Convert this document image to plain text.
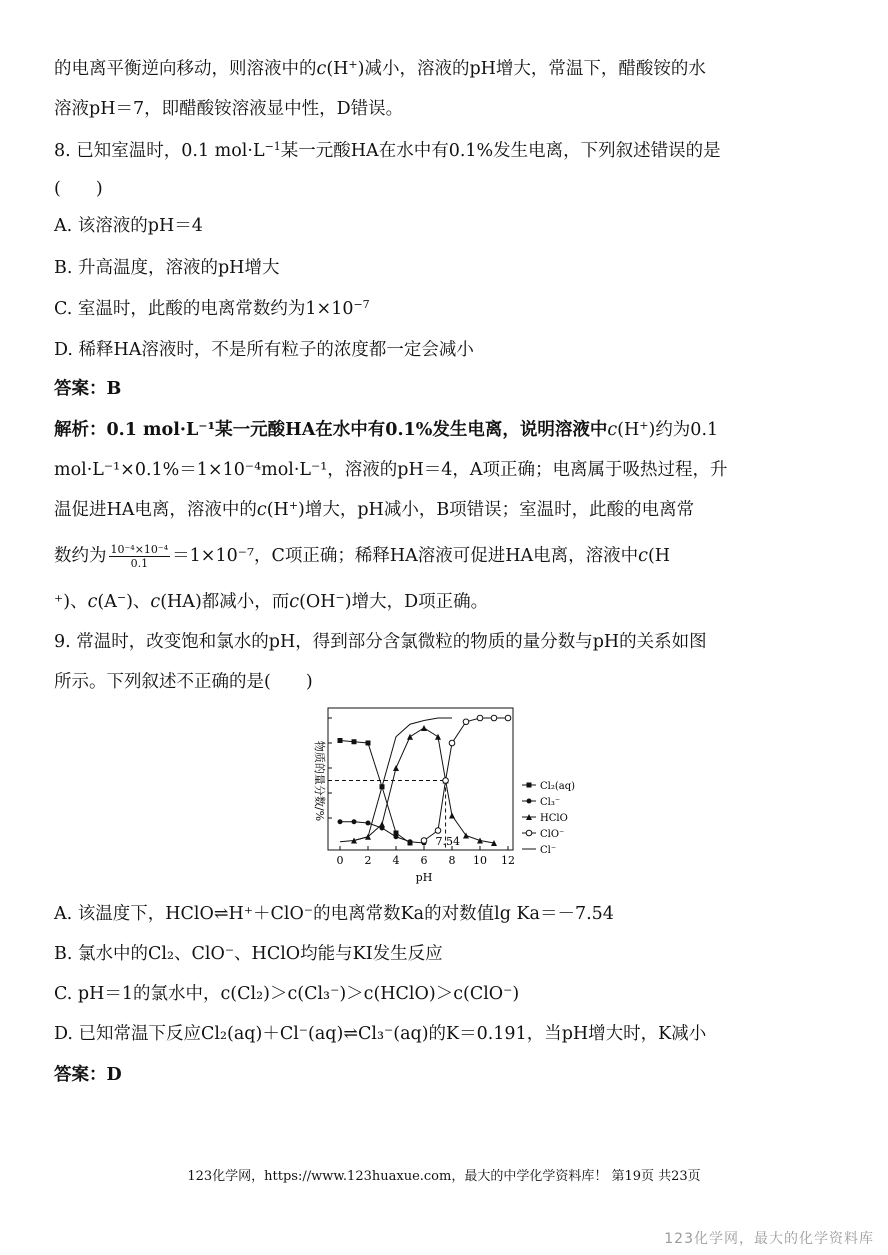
的电离平衡逆向移动，则溶液中的c(H+)减小，溶液的pH增大，常温下，醋酸铵的水
溶液pH＝7，即醋酸铵溶液显中性，D错误。
8. 已知室温时，0.1 $mol\cdot L^{-1}$某一元酸HA在水中有0.1%发生电离，下列叙述错误的是
(　　)
A. 该溶液的pH＝4
B. 升高温度，溶液的pH增大
C. 室温时，此酸的电离常数约为$1\times 10^{-7}$
D. 稀释HA溶液时，不是所有粒子的浓度都一定会减小
答案：B
解析：0.1 mol·L⁻¹某一元酸HA在水中有0.1%发生电离，说明溶液中c(H+)约为0.1
mol·L⁻¹×0.1%＝1×10⁻⁴mol·L⁻¹，溶液的pH＝4，A项正确；电离属于吸热过程，升
温促进HA电离，溶液中的c(H+)增大，pH减小，B项错误；室温时，此酸的电离常
数约为 $\frac{\text{10⁻⁴×10⁻⁴}}{0.1} =1\times 10^{-7}$，C项正确；稀释HA溶液可促进HA电离，溶液中c(H
⁺)、c(A−)、c(HA)都减小，而c(OH−)增大，D项正确。
9. 常温时，改变饱和氯水的pH，得到部分含氯微粒的物质的量分数与pH的关系如图
所示。下列叙述不正确的是(　　)
物质的量分数/%
0 2 4 6 8 10 12
Cl₂(aq)
Cl₃⁻
HClO
ClO⁻
Cl⁻
7.54
pH
A. 该温度下，HClO⇌H⁺＋ClO⁻的电离常数Ka的对数值lg Ka＝－7.54
B. 氯水中的Cl₂、ClO⁻、HClO均能与KI发生反应
C. pH＝1的氯水中，c(Cl₂)＞c(Cl₃⁻)＞c(HClO)＞c(ClO⁻)
D. 已知常温下反应Cl₂(aq)＋Cl⁻(aq)⇌Cl₃⁻(aq)的K＝0.191，当pH增大时，K减小
答案：D
123化学网，https://www.123huaxue.com，最大的中学化学资料库！ 第19页 共23页
123化学网，最大的化学资料库
